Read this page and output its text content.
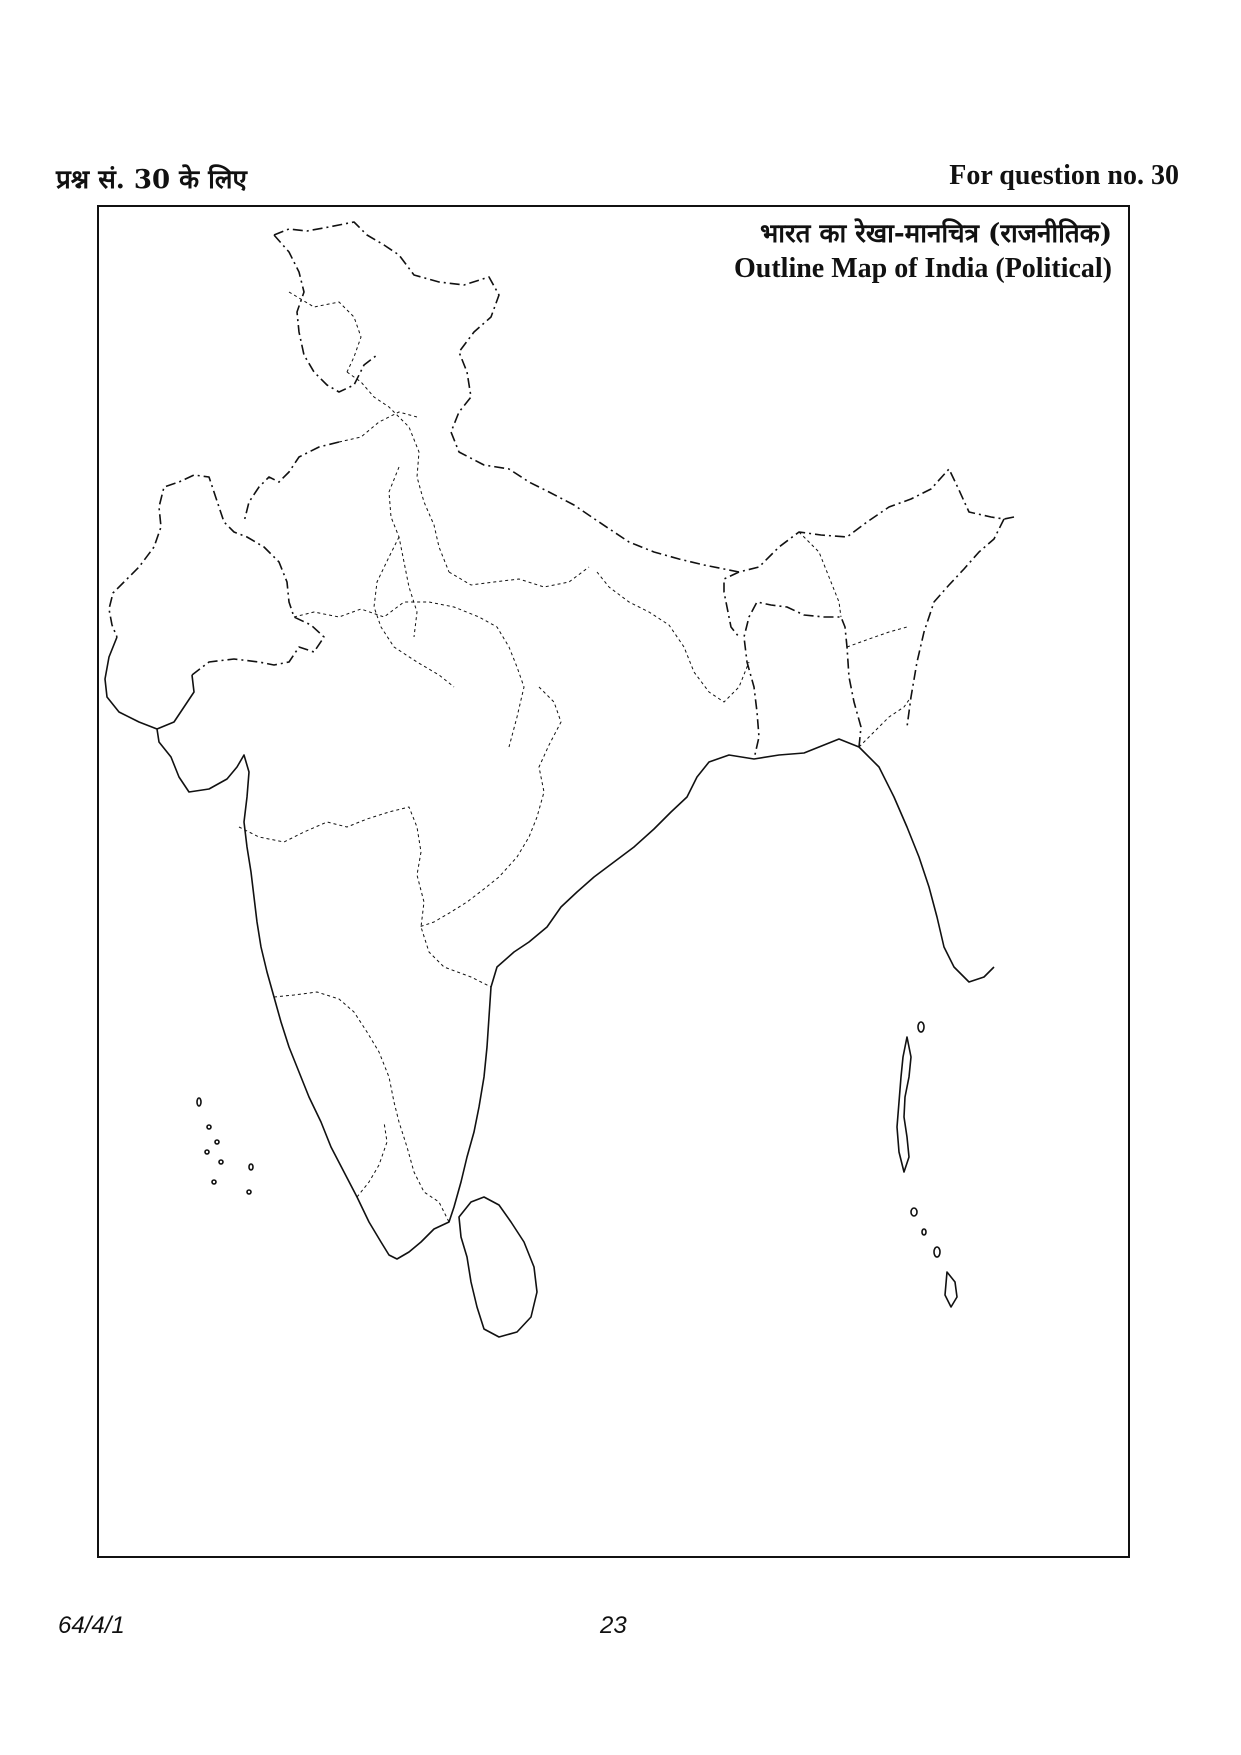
प्रश्न सं. 30 के लिए	For question no. 30
भारत का रेखा-मानचित्र (राजनीतिक)
Outline Map of India (Political)
64/4/1	23
